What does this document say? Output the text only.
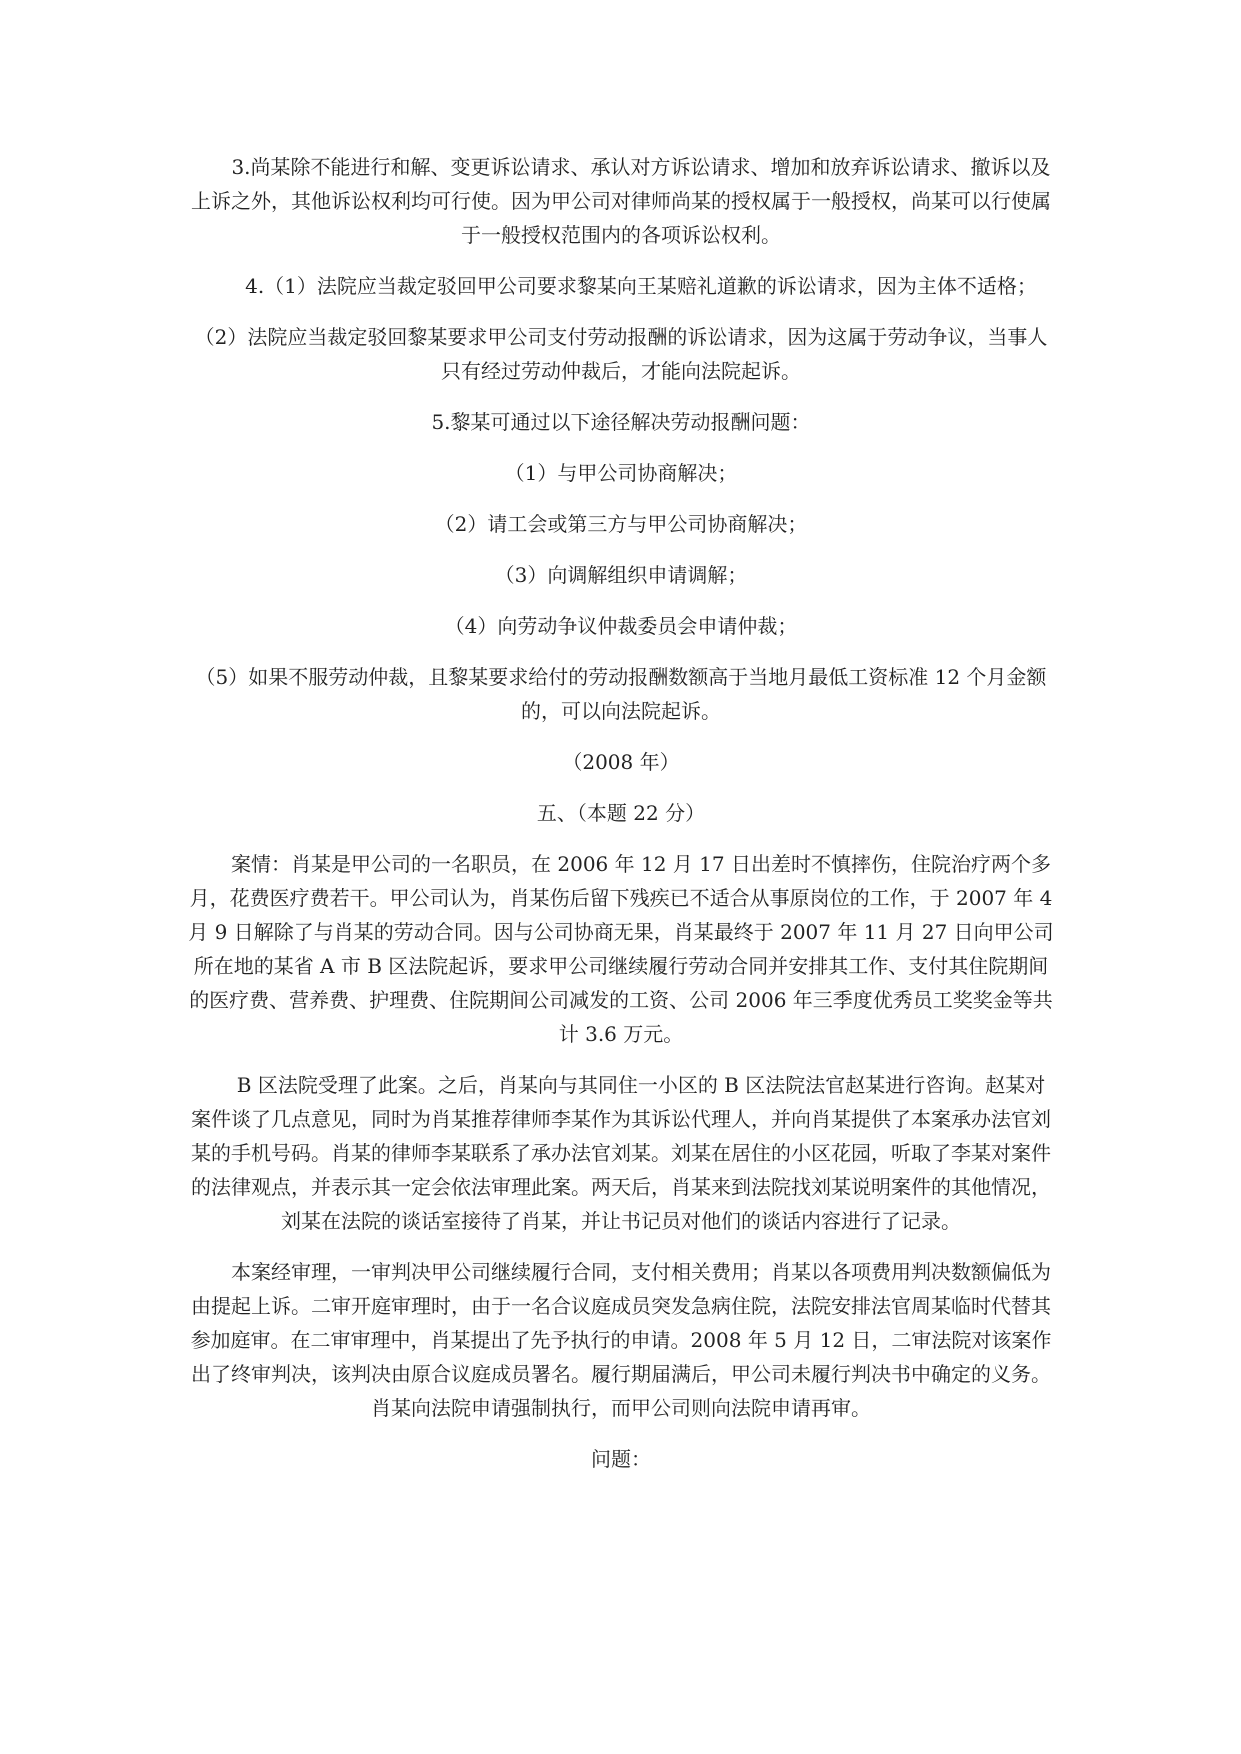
3.尚某除不能进行和解、变更诉讼请求、承认对方诉讼请求、增加和放弃诉讼请求、撤诉以及上诉之外，其他诉讼权利均可行使。因为甲公司对律师尚某的授权属于一般授权，尚某可以行使属于一般授权范围内的各项诉讼权利。

4.（1）法院应当裁定驳回甲公司要求黎某向王某赔礼道歉的诉讼请求，因为主体不适格；

（2）法院应当裁定驳回黎某要求甲公司支付劳动报酬的诉讼请求，因为这属于劳动争议，当事人只有经过劳动仲裁后，才能向法院起诉。

5.黎某可通过以下途径解决劳动报酬问题：

（1）与甲公司协商解决；

（2）请工会或第三方与甲公司协商解决；

（3）向调解组织申请调解；

（4）向劳动争议仲裁委员会申请仲裁；

（5）如果不服劳动仲裁，且黎某要求给付的劳动报酬数额高于当地月最低工资标准 12 个月金额的，可以向法院起诉。

（2008 年）

五、（本题 22 分）

案情：肖某是甲公司的一名职员，在 2006 年 12 月 17 日出差时不慎摔伤，住院治疗两个多月，花费医疗费若干。甲公司认为，肖某伤后留下残疾已不适合从事原岗位的工作，于 2007 年 4 月 9 日解除了与肖某的劳动合同。因与公司协商无果，肖某最终于 2007 年 11 月 27 日向甲公司所在地的某省 A 市 B 区法院起诉，要求甲公司继续履行劳动合同并安排其工作、支付其住院期间的医疗费、营养费、护理费、住院期间公司减发的工资、公司 2006 年三季度优秀员工奖奖金等共计 3.6 万元。

B 区法院受理了此案。之后，肖某向与其同住一小区的 B 区法院法官赵某进行咨询。赵某对案件谈了几点意见，同时为肖某推荐律师李某作为其诉讼代理人，并向肖某提供了本案承办法官刘某的手机号码。肖某的律师李某联系了承办法官刘某。刘某在居住的小区花园，听取了李某对案件的法律观点，并表示其一定会依法审理此案。两天后，肖某来到法院找刘某说明案件的其他情况，刘某在法院的谈话室接待了肖某，并让书记员对他们的谈话内容进行了记录。

本案经审理，一审判决甲公司继续履行合同，支付相关费用；肖某以各项费用判决数额偏低为由提起上诉。二审开庭审理时，由于一名合议庭成员突发急病住院，法院安排法官周某临时代替其参加庭审。在二审审理中，肖某提出了先予执行的申请。2008 年 5 月 12 日，二审法院对该案作出了终审判决，该判决由原合议庭成员署名。履行期届满后，甲公司未履行判决书中确定的义务。肖某向法院申请强制执行，而甲公司则向法院申请再审。

问题：
